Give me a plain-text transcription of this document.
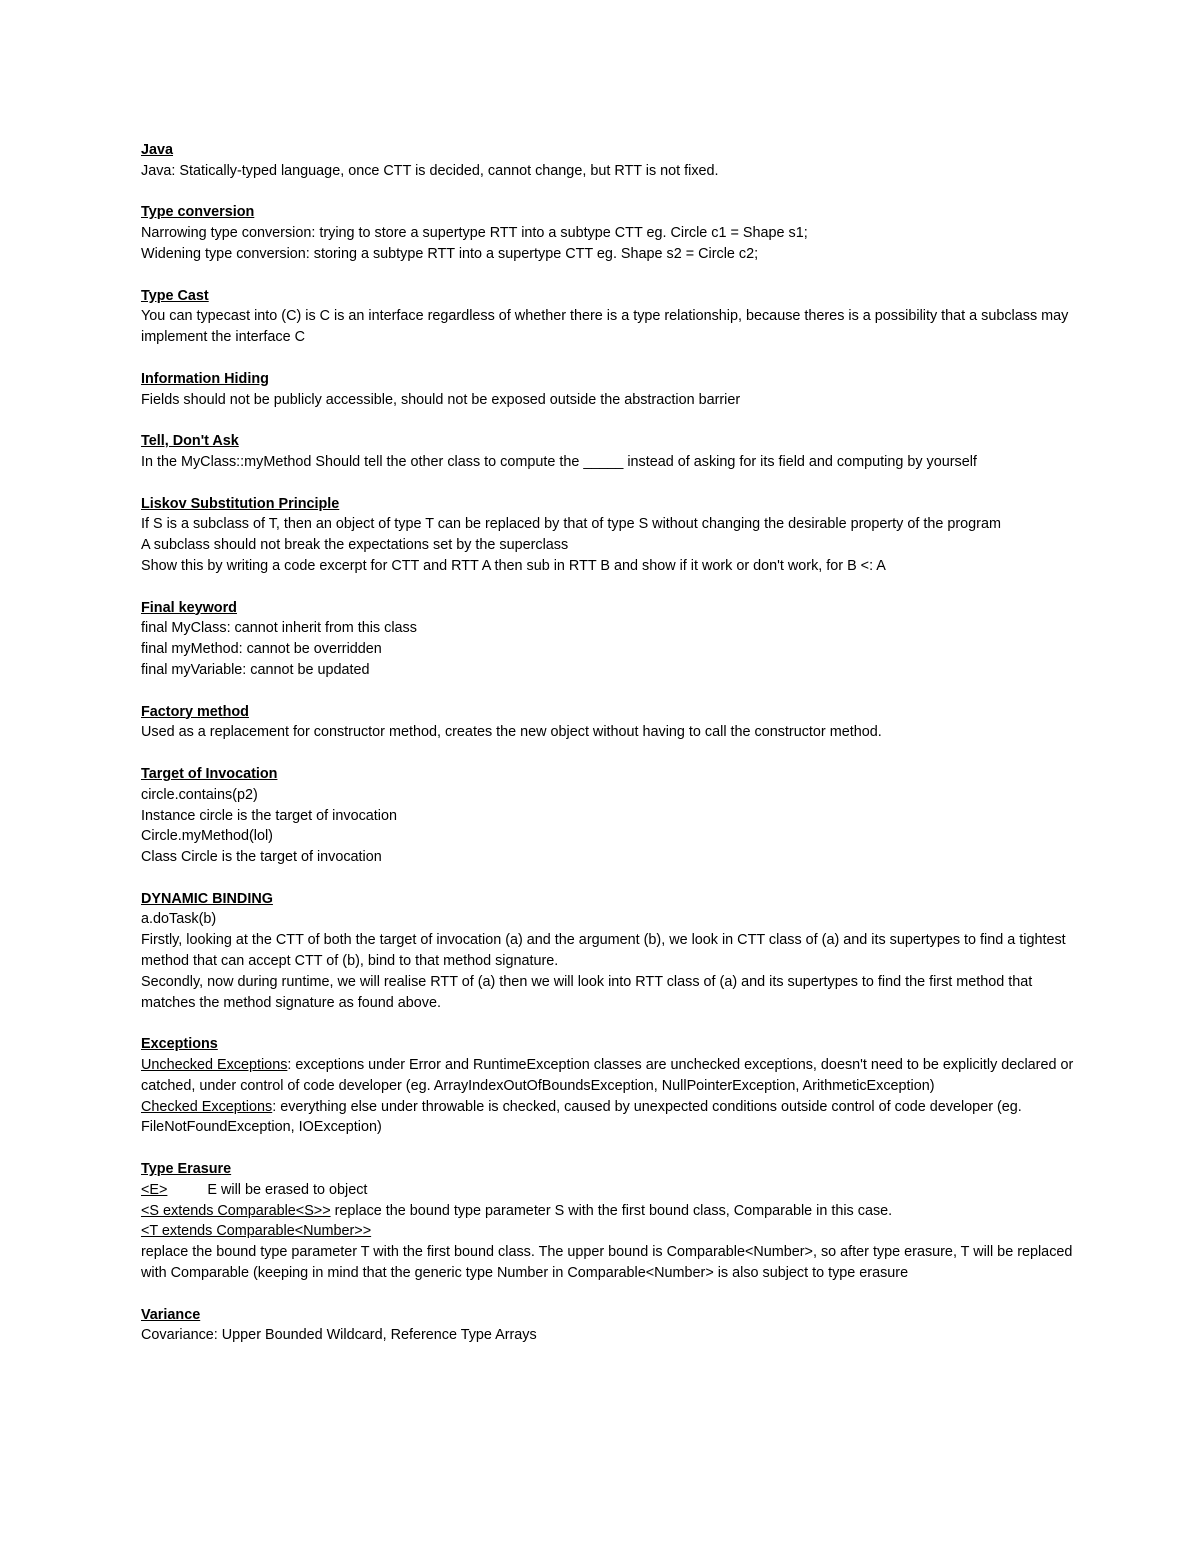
Java
Java: Statically-typed language, once CTT is decided, cannot change, but RTT is not fixed.
Type conversion
Narrowing type conversion: trying to store a supertype RTT into a subtype CTT eg. Circle c1 = Shape s1;
Widening type conversion: storing a subtype RTT into a supertype CTT eg. Shape s2 = Circle c2;
Type Cast
You can typecast into (C) is C is an interface regardless of whether there is a type relationship, because theres is a possibility that a subclass may implement the interface C
Information Hiding
Fields should not be publicly accessible, should not be exposed outside the abstraction barrier
Tell, Don't Ask
In the MyClass::myMethod Should tell the other class to compute the _____ instead of asking for its field and computing by yourself
Liskov Substitution Principle
If S is a subclass of T, then an object of type T can be replaced by that of type S without changing the desirable property of the program
A subclass should not break the expectations set by the superclass
Show this by writing a code excerpt for CTT and RTT A then sub in RTT B and show if it work or don't work, for B <: A
Final keyword
final MyClass: cannot inherit from this class
final myMethod: cannot be overridden
final myVariable: cannot be updated
Factory method
Used as a replacement for constructor method, creates the new object without having to call the constructor method.
Target of Invocation
circle.contains(p2)
Instance circle is the target of invocation
Circle.myMethod(lol)
Class Circle is the target of invocation
DYNAMIC BINDING
a.doTask(b)
Firstly, looking at the CTT of both the target of invocation (a) and the argument (b), we look in CTT class of (a) and its supertypes to find a tightest method that can accept CTT of (b), bind to that method signature.
Secondly, now during runtime, we will realise RTT of (a) then we will look into RTT class of (a) and its supertypes to find the first method that matches the method signature as found above.
Exceptions
Unchecked Exceptions: exceptions under Error and RuntimeException classes are unchecked exceptions, doesn't need to be explicitly declared or catched, under control of code developer (eg. ArrayIndexOutOfBoundsException, NullPointerException, ArithmeticException)
Checked Exceptions: everything else under throwable is checked, caused by unexpected conditions outside control of code developer (eg. FileNotFoundException, IOException)
Type Erasure
<E>	E will be erased to object
<S extends Comparable<S>> replace the bound type parameter S with the first bound class, Comparable in this case.
<T extends Comparable<Number>>
replace the bound type parameter T with the first bound class. The upper bound is Comparable<Number>, so after type erasure, T will be replaced with Comparable (keeping in mind that the generic type Number in Comparable<Number> is also subject to type erasure
Variance
Covariance: Upper Bounded Wildcard, Reference Type Arrays
